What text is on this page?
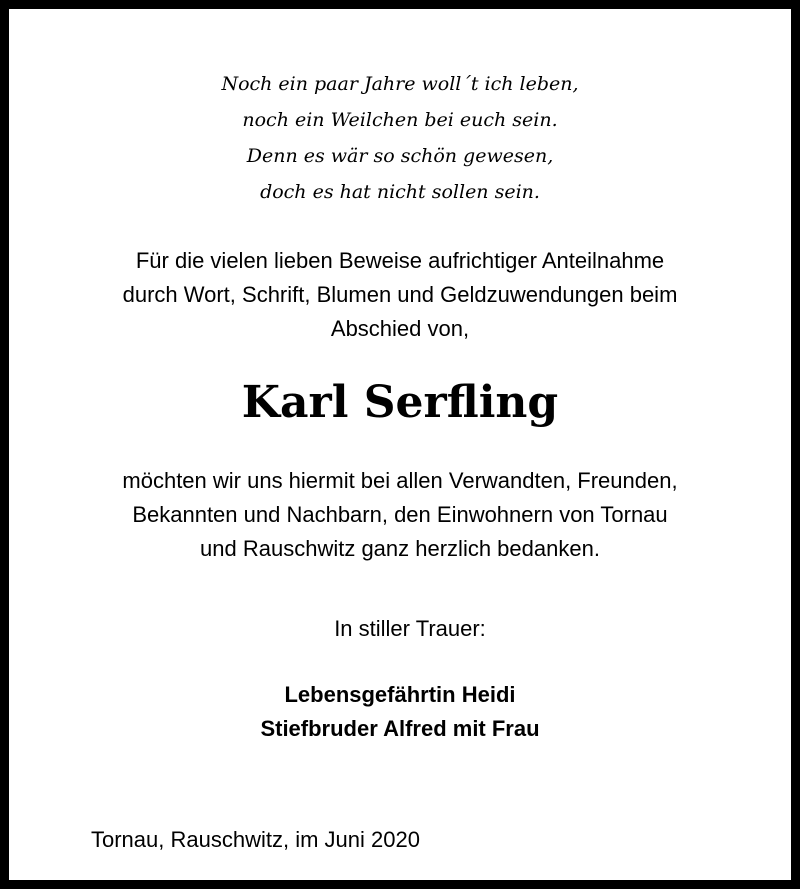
Noch ein paar Jahre woll´t ich leben,
noch ein Weilchen bei euch sein.
Denn es wär so schön gewesen,
doch es hat nicht sollen sein.
Für die vielen lieben Beweise aufrichtiger Anteilnahme
durch Wort, Schrift, Blumen und Geldzuwendungen beim
Abschied von,
Karl Serfling
möchten wir uns hiermit bei allen Verwandten, Freunden,
Bekannten und Nachbarn, den Einwohnern von Tornau
und Rauschwitz ganz herzlich bedanken.
In stiller Trauer:
Lebensgefährtin Heidi
Stiefbruder Alfred mit Frau
Tornau, Rauschwitz, im Juni 2020
